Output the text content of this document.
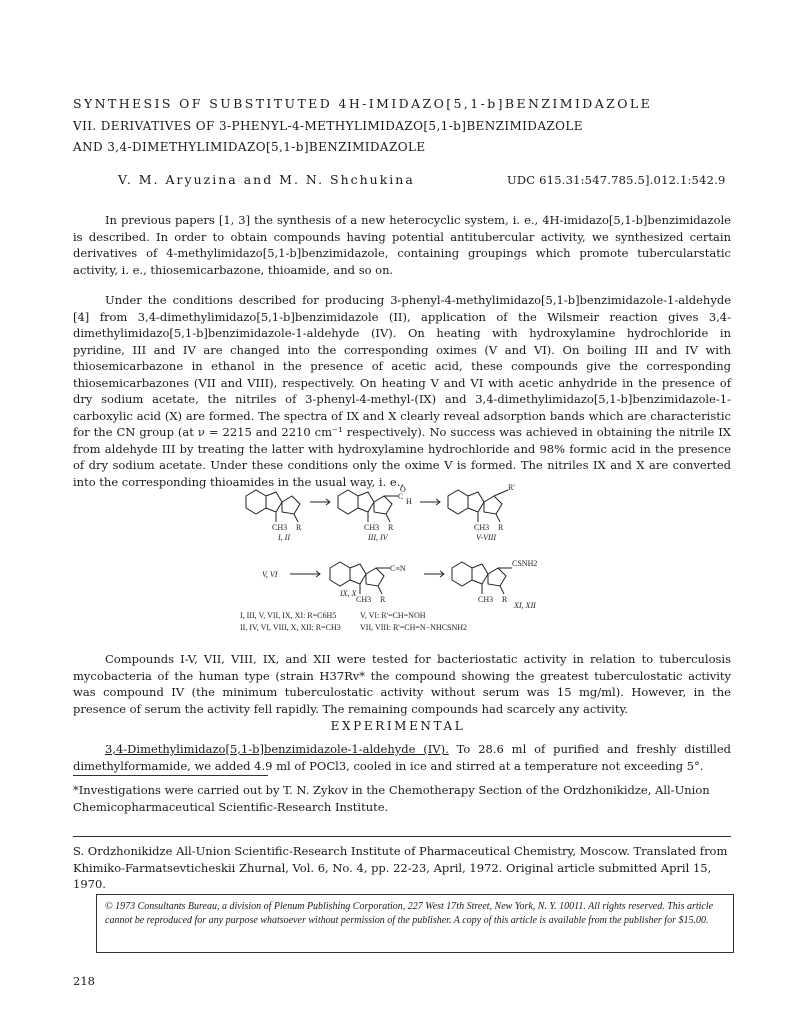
SYNTHESIS OF SUBSTITUTED 4H-IMIDAZO[5,1-b]BENZIMIDAZOLE
VII. DERIVATIVES OF 3-PHENYL-4-METHYLIMIDAZO[5,1-b]BENZIMIDAZOLE
AND 3,4-DIMETHYLIMIDAZO[5,1-b]BENZIMIDAZOLE
V. M. Aryuzina and M. N. Shchukina	UDC 615.31:547.785.5].012.1:542.9

In previous papers [1, 3] the synthesis of a new heterocyclic system, i. e., 4H-imidazo[5,1-b]benzimidazole is described. In order to obtain compounds having potential antitubercular activity, we synthesized certain derivatives of 4-methylimidazo[5,1-b]benzimidazole, containing groupings which promote tubercularstatic activity, i. e., thiosemicarbazone, thioamide, and so on.

Under the conditions described for producing 3-phenyl-4-methylimidazo[5,1-b]benzimidazole-1-aldehyde [4] from 3,4-dimethylimidazo[5,1-b]benzimidazole (II), application of the Wilsmeir reaction gives 3,4-dimethylimidazo[5,1-b]benzimidazole-1-aldehyde (IV). On heating with hydroxylamine hydrochloride in pyridine, III and IV are changed into the corresponding oximes (V and VI). On boiling III and IV with thiosemicarbazone in ethanol in the presence of acetic acid, these compounds give the corresponding thiosemicarbazones (VII and VIII), respectively. On heating V and VI with acetic anhydride in the presence of dry sodium acetate, the nitriles of 3-phenyl-4-methyl-(IX) and 3,4-dimethylimidazo[5,1-b]benzimidazole-1-carboxylic acid (X) are formed. The spectra of IX and X clearly reveal adsorption bands which are characteristic for the CN group (at ν = 2215 and 2210 cm⁻¹ respectively). No success was achieved in obtaining the nitrile IX from aldehyde III by treating the latter with hydroxylamine hydrochloride and 98% formic acid in the presence of dry sodium acetate. Under these conditions only the oxime V is formed. The nitriles IX and X are converted into the corresponding thioamides in the usual way, i. e.,

CH3 R
I, II
CH3 R
O
C
H
III, IV
CH3 R
R'
V-VIII
V, VI
C≡N
CH3 R
IX, X
CSNH2
CH3 R
XI, XII
I, III, V, VII, IX, XI: R=C6H5
II, IV, VI, VIII, X, XII: R=CH3
V, VI: R'=CH=NOH
VII, VIII: R'=CH=N−NHCSNH2

Compounds I-V, VII, VIII, IX, and XII were tested for bacteriostatic activity in relation to tuberculosis mycobacteria of the human type (strain H37Rv* the compound showing the greatest tuberculostatic activity was compound IV (the minimum tuberculostatic activity without serum was 15 mg/ml). However, in the presence of serum the activity fell rapidly. The remaining compounds had scarcely any activity.

EXPERIMENTAL

3,4-Dimethylimidazo[5,1-b]benzimidazole-1-aldehyde (IV). To 28.6 ml of purified and freshly distilled dimethylformamide, we added 4.9 ml of POCl3, cooled in ice and stirred at a temperature not exceeding 5°.

*Investigations were carried out by T. N. Zykov in the Chemotherapy Section of the Ordzhonikidze, All-Union Chemicopharmaceutical Scientific-Research Institute.
S. Ordzhonikidze All-Union Scientific-Research Institute of Pharmaceutical Chemistry, Moscow. Translated from Khimiko-Farmatsevticheskii Zhurnal, Vol. 6, No. 4, pp. 22-23, April, 1972. Original article submitted April 15, 1970.
© 1973 Consultants Bureau, a division of Plenum Publishing Corporation, 227 West 17th Street, New York, N. Y. 10011. All rights reserved. This article cannot be reproduced for any purpose whatsoever without permission of the publisher. A copy of this article is available from the publisher for $15.00.
218
